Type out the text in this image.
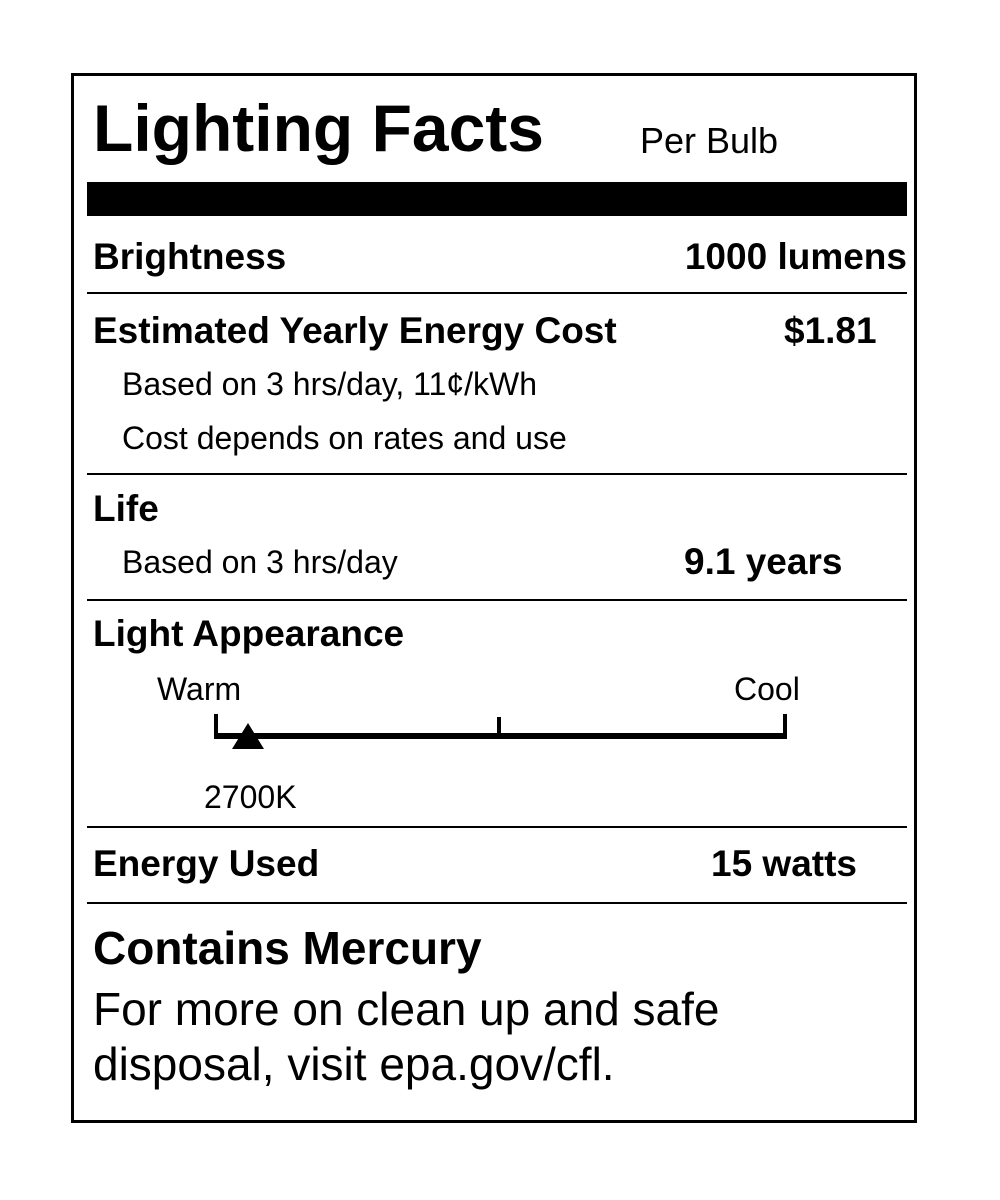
Lighting Facts	Per Bulb
Brightness	1000 lumens
Estimated Yearly Energy Cost	$1.81
Based on 3 hrs/day, 11¢/kWh
Cost depends on rates and use
Life
Based on 3 hrs/day	9.1 years
Light Appearance
Warm	Cool
2700K
Energy Used	15 watts
Contains Mercury
For more on clean up and safe disposal, visit epa.gov/cfl.
